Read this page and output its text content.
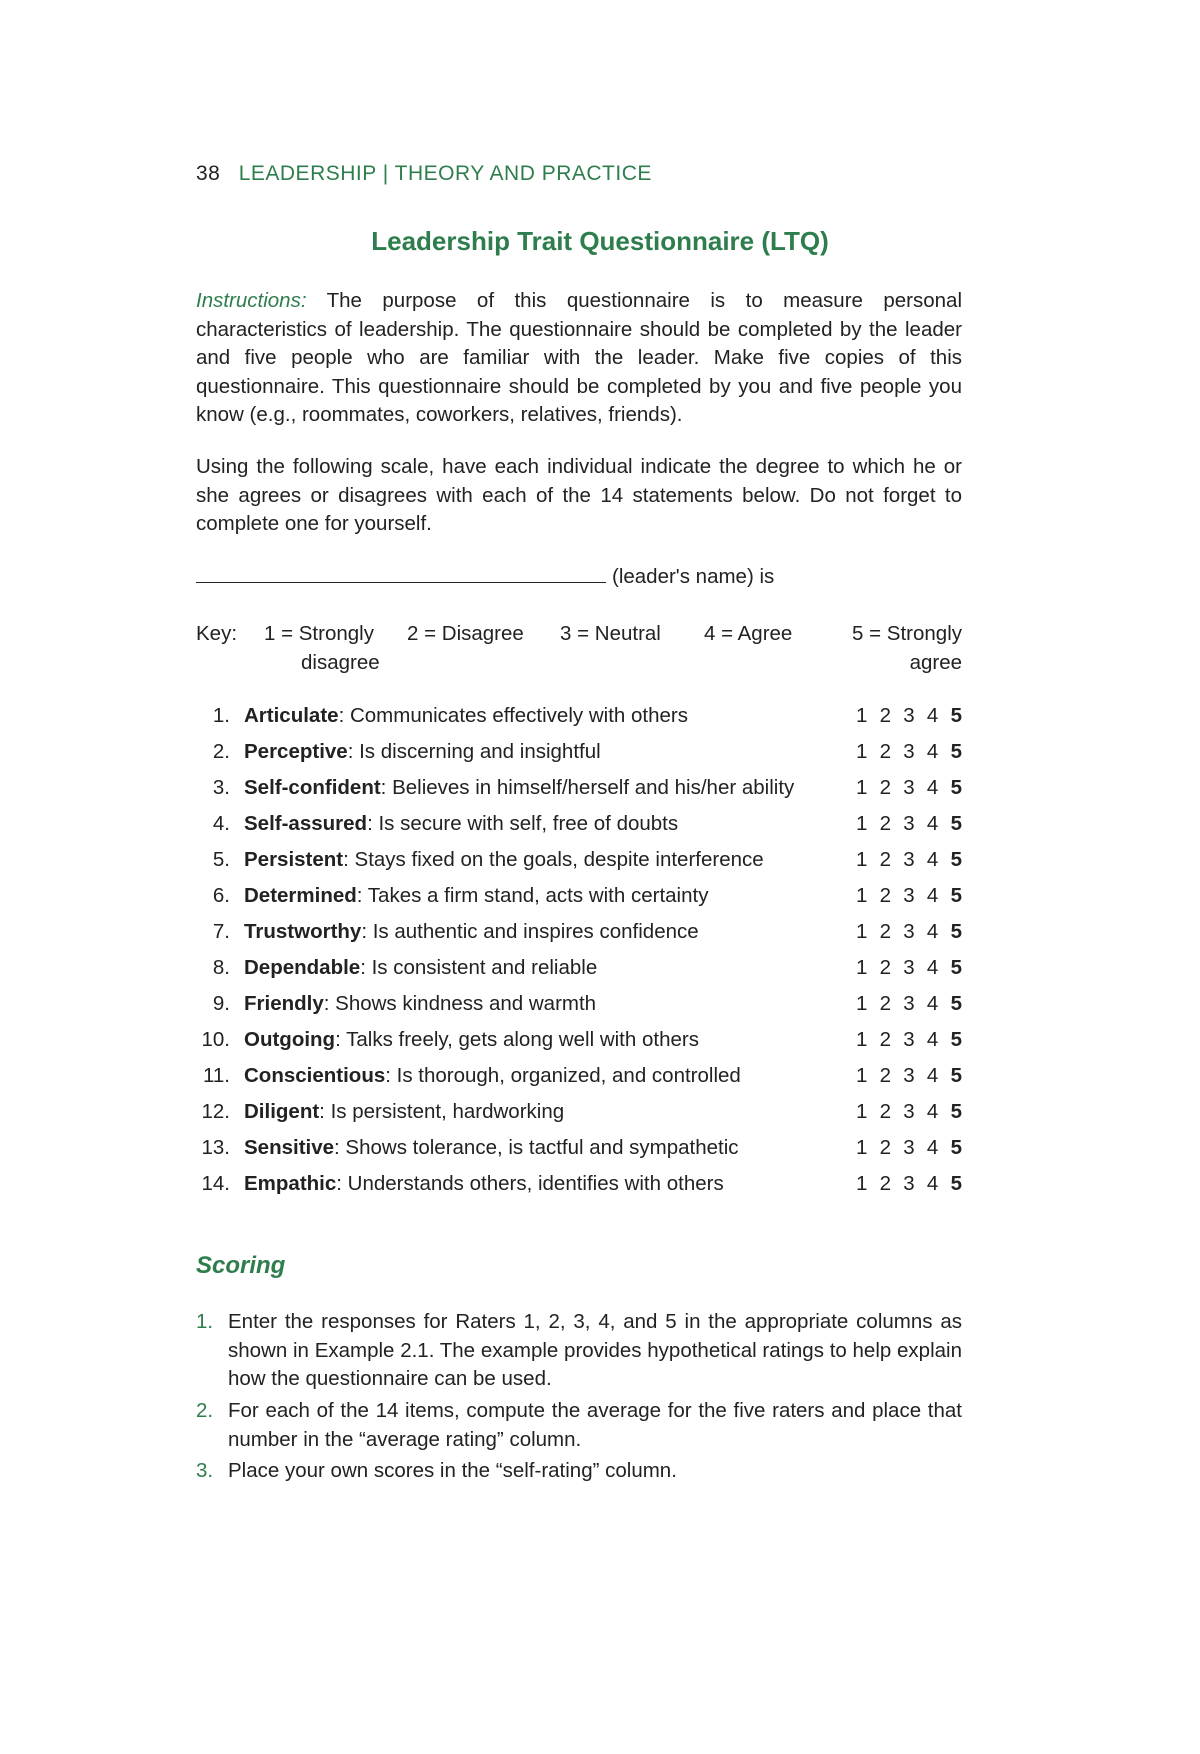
38 LEADERSHIP | THEORY AND PRACTICE
Leadership Trait Questionnaire (LTQ)

Instructions: The purpose of this questionnaire is to measure personal characteristics of leadership. The questionnaire should be completed by the leader and five people who are familiar with the leader. Make five copies of this questionnaire. This questionnaire should be completed by you and five people you know (e.g., roommates, coworkers, relatives, friends).

Using the following scale, have each individual indicate the degree to which he or she agrees or disagrees with each of the 14 statements below. Do not forget to complete one for yourself.

(leader's name) is
Key: 1 = Strongly 2 = Disagree 3 = Neutral 4 = Agree	5 = Strongly
disagree	agree
1. Articulate: Communicates effectively with others	1 2 3 4 5
2. Perceptive: Is discerning and insightful	1 2 3 4 5
3. Self-confident: Believes in himself/herself and his/her ability	1 2 3 4 5
4. Self-assured: Is secure with self, free of doubts	1 2 3 4 5
5. Persistent: Stays fixed on the goals, despite interference	1 2 3 4 5
6. Determined: Takes a firm stand, acts with certainty	1 2 3 4 5
7. Trustworthy: Is authentic and inspires confidence	1 2 3 4 5
8. Dependable: Is consistent and reliable	1 2 3 4 5
9. Friendly: Shows kindness and warmth	1 2 3 4 5
10. Outgoing: Talks freely, gets along well with others	1 2 3 4 5
11. Conscientious: Is thorough, organized, and controlled	1 2 3 4 5
12. Diligent: Is persistent, hardworking	1 2 3 4 5
13. Sensitive: Shows tolerance, is tactful and sympathetic	1 2 3 4 5
14. Empathic: Understands others, identifies with others	1 2 3 4 5
Scoring
1. Enter the responses for Raters 1, 2, 3, 4, and 5 in the appropriate columns as shown in Example 2.1. The example provides hypothetical ratings to help explain how the questionnaire can be used.
2. For each of the 14 items, compute the average for the five raters and place that number in the “average rating” column.
3. Place your own scores in the “self-rating” column.
